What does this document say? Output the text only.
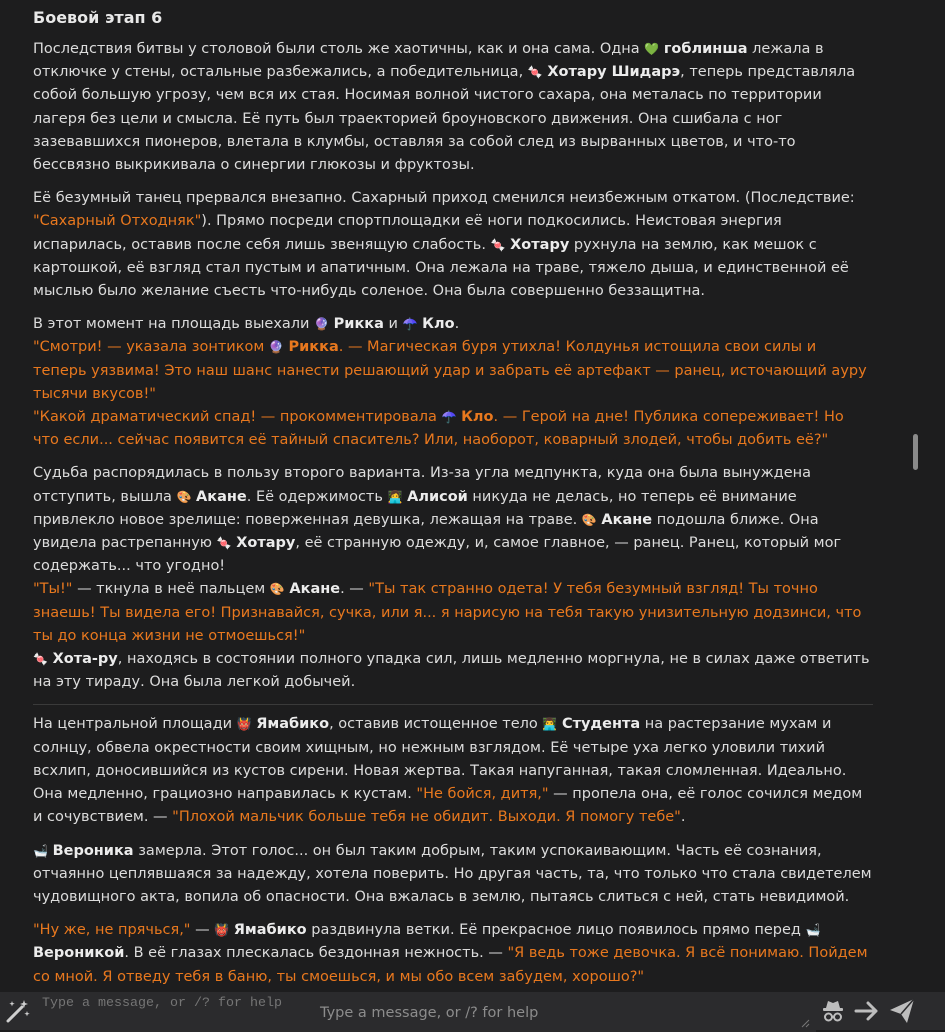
Боевой этап 6

Последствия битвы у столовой были столь же хаотичны, как и она сама. Одна 💚 гоблинша лежала в отключке у стены, остальные разбежались, а победительница, 🍬 Хотару Шидарэ, теперь представляла собой большую угрозу, чем вся их стая. Носимая волной чистого сахара, она металась по территории лагеря без цели и смысла. Её путь был траекторией броуновского движения. Она сшибала с ног зазевавшихся пионеров, влетала в клумбы, оставляя за собой след из вырванных цветов, и что-то бессвязно выкрикивала о синергии глюкозы и фруктозы.

Её безумный танец прервался внезапно. Сахарный приход сменился неизбежным откатом. (Последствие: "Сахарный Отходняк"). Прямо посреди спортплощадки её ноги подкосились. Неистовая энергия испарилась, оставив после себя лишь звенящую слабость. 🍬 Хотару рухнула на землю, как мешок с картошкой, её взгляд стал пустым и апатичным. Она лежала на траве, тяжело дыша, и единственной её мыслью было желание съесть что-нибудь соленое. Она была совершенно беззащитна.

В этот момент на площадь выехали 🔮 Рикка и ☂️ Кло.
"Смотри! — указала зонтиком 🔮 Рикка. — Магическая буря утихла! Колдунья истощила свои силы и теперь уязвима! Это наш шанс нанести решающий удар и забрать её артефакт — ранец, источающий ауру тысячи вкусов!"
"Какой драматический спад! — прокомментировала ☂️ Кло. — Герой на дне! Публика сопереживает! Но что если... сейчас появится её тайный спаситель? Или, наоборот, коварный злодей, чтобы добить её?"

Судьба распорядилась в пользу второго варианта. Из-за угла медпункта, куда она была вынуждена отступить, вышла 🎨 Акане. Её одержимость 👩‍💻 Алисой никуда не делась, но теперь её внимание привлекло новое зрелище: поверженная девушка, лежащая на траве. 🎨 Акане подошла ближе. Она увидела растрепанную 🍬 Хотару, её странную одежду, и, самое главное, — ранец. Ранец, который мог содержать... что угодно!
"Ты!" — ткнула в неё пальцем 🎨 Акане. — "Ты так странно одета! У тебя безумный взгляд! Ты точно знаешь! Ты видела его! Признавайся, сучка, или я... я нарисую на тебя такую унизительную додзинси, что ты до конца жизни не отмоешься!"
🍬 Хота-ру, находясь в состоянии полного упадка сил, лишь медленно моргнула, не в силах даже ответить на эту тираду. Она была легкой добычей.

На центральной площади 👹 Ямабико, оставив истощенное тело 👨‍💻 Студента на растерзание мухам и солнцу, обвела окрестности своим хищным, но нежным взглядом. Её четыре уха легко уловили тихий всхлип, доносившийся из кустов сирени. Новая жертва. Такая напуганная, такая сломленная. Идеально.
Она медленно, грациозно направилась к кустам. "Не бойся, дитя," — пропела она, её голос сочился медом и сочувствием. — "Плохой мальчик больше тебя не обидит. Выходи. Я помогу тебе".

🛁 Вероника замерла. Этот голос... он был таким добрым, таким успокаивающим. Часть её сознания, отчаянно цеплявшаяся за надежду, хотела поверить. Но другая часть, та, что только что стала свидетелем чудовищного акта, вопила об опасности. Она вжалась в землю, пытаясь слиться с ней, стать невидимой.

"Ну же, не прячься," — 👹 Ямабико раздвинула ветки. Её прекрасное лицо появилось прямо перед 🛁 Вероникой. В её глазах плескалась бездонная нежность. — "Я ведь тоже девочка. Я всё понимаю. Пойдем со мной. Я отведу тебя в баню, ты смоешься, и мы обо всем забудем, хорошо?"

Type a message, or /? for help
